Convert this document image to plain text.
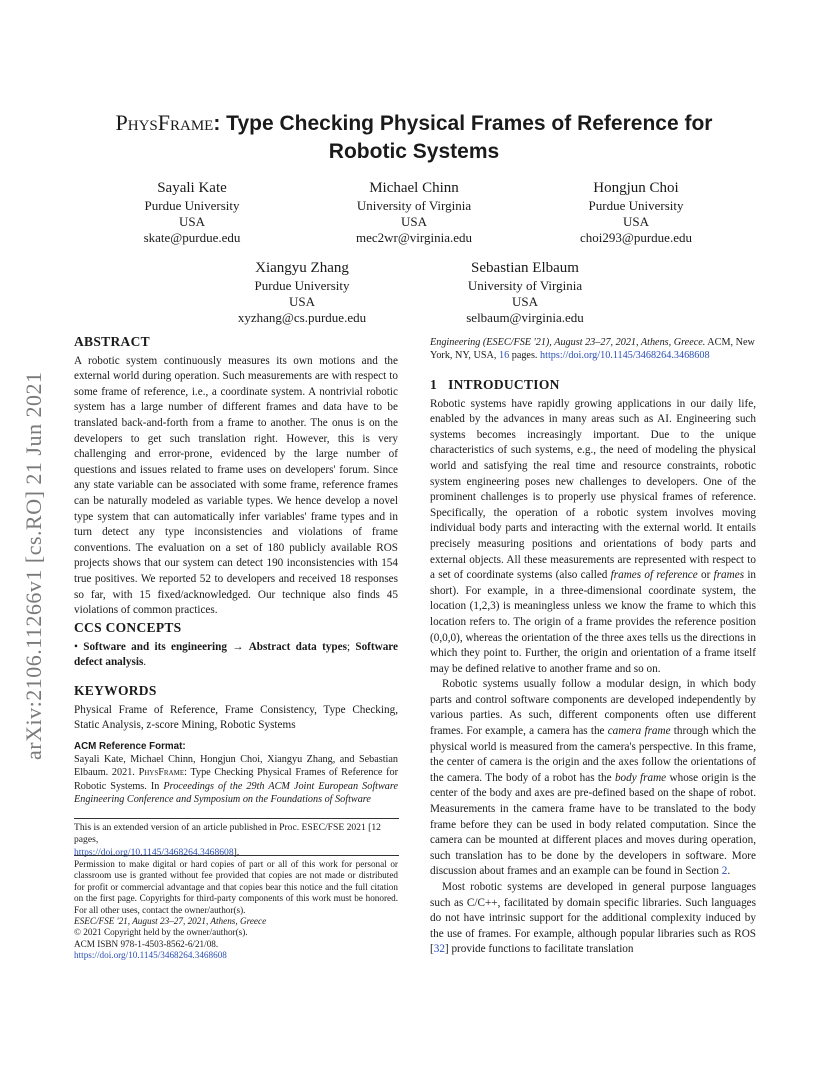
arXiv:2106.11266v1 [cs.RO] 21 Jun 2021
PhysFrame: Type Checking Physical Frames of Reference for
Robotic Systems
Sayali Kate
Purdue University
USA
skate@purdue.edu
Michael Chinn
University of Virginia
USA
mec2wr@virginia.edu
Hongjun Choi
Purdue University
USA
choi293@purdue.edu
Xiangyu Zhang
Purdue University
USA
xyzhang@cs.purdue.edu
Sebastian Elbaum
University of Virginia
USA
selbaum@virginia.edu
ABSTRACT

A robotic system continuously measures its own motions and the external world during operation. Such measurements are with respect to some frame of reference, i.e., a coordinate system. A nontrivial robotic system has a large number of different frames and data have to be translated back-and-forth from a frame to another. The onus is on the developers to get such translation right. However, this is very challenging and error-prone, evidenced by the large number of questions and issues related to frame uses on developers' forum. Since any state variable can be associated with some frame, reference frames can be naturally modeled as variable types. We hence develop a novel type system that can automatically infer variables' frame types and in turn detect any type inconsistencies and violations of frame conventions. The evaluation on a set of 180 publicly available ROS projects shows that our system can detect 190 inconsistencies with 154 true positives. We reported 52 to developers and received 18 responses so far, with 15 fixed/acknowledged. Our technique also finds 45 violations of common practices.

CCS CONCEPTS

• Software and its engineering → Abstract data types; Software defect analysis.

KEYWORDS

Physical Frame of Reference, Frame Consistency, Type Checking, Static Analysis, z-score Mining, Robotic Systems

ACM Reference Format:

Sayali Kate, Michael Chinn, Hongjun Choi, Xiangyu Zhang, and Sebastian Elbaum. 2021. PhysFrame: Type Checking Physical Frames of Reference for Robotic Systems. In Proceedings of the 29th ACM Joint European Software Engineering Conference and Symposium on the Foundations of Software

This is an extended version of an article published in Proc. ESEC/FSE 2021 [12 pages,
https://doi.org/10.1145/3468264.3468608].

Permission to make digital or hard copies of part or all of this work for personal or classroom use is granted without fee provided that copies are not made or distributed for profit or commercial advantage and that copies bear this notice and the full citation on the first page. Copyrights for third-party components of this work must be honored. For all other uses, contact the owner/author(s).

ESEC/FSE '21, August 23–27, 2021, Athens, Greece

© 2021 Copyright held by the owner/author(s).

ACM ISBN 978-1-4503-8562-6/21/08.

https://doi.org/10.1145/3468264.3468608

Engineering (ESEC/FSE '21), August 23–27, 2021, Athens, Greece. ACM, New York, NY, USA, 16 pages. https://doi.org/10.1145/3468264.3468608
1   INTRODUCTION

Robotic systems have rapidly growing applications in our daily life, enabled by the advances in many areas such as AI. Engineering such systems becomes increasingly important. Due to the unique characteristics of such systems, e.g., the need of modeling the physical world and satisfying the real time and resource constraints, robotic system engineering poses new challenges to developers. One of the prominent challenges is to properly use physical frames of reference. Specifically, the operation of a robotic system involves moving individual body parts and interacting with the external world. It entails precisely measuring positions and orientations of body parts and external objects. All these measurements are represented with respect to a set of coordinate systems (also called frames of reference or frames in short). For example, in a three-dimensional coordinate system, the location (1,2,3) is meaningless unless we know the frame to which this location refers to. The origin of a frame provides the reference position (0,0,0), whereas the orientation of the three axes tells us the directions in which they point to. Further, the origin and orientation of a frame itself may be defined relative to another frame and so on.

Robotic systems usually follow a modular design, in which body parts and control software components are developed independently by various parties. As such, different components often use different frames. For example, a camera has the camera frame through which the physical world is measured from the camera's perspective. In this frame, the center of camera is the origin and the axes follow the orientations of the camera. The body of a robot has the body frame whose origin is the center of the body and axes are pre-defined based on the shape of robot. Measurements in the camera frame have to be translated to the body frame before they can be used in body related computation. Since the camera can be mounted at different places and moves during operation, such translation has to be done by the developers in software. More discussion about frames and an example can be found in Section 2.

Most robotic systems are developed in general purpose languages such as C/C++, facilitated by domain specific libraries. Such languages do not have intrinsic support for the additional complexity induced by the use of frames. For example, although popular libraries such as ROS [32] provide functions to facilitate translation
